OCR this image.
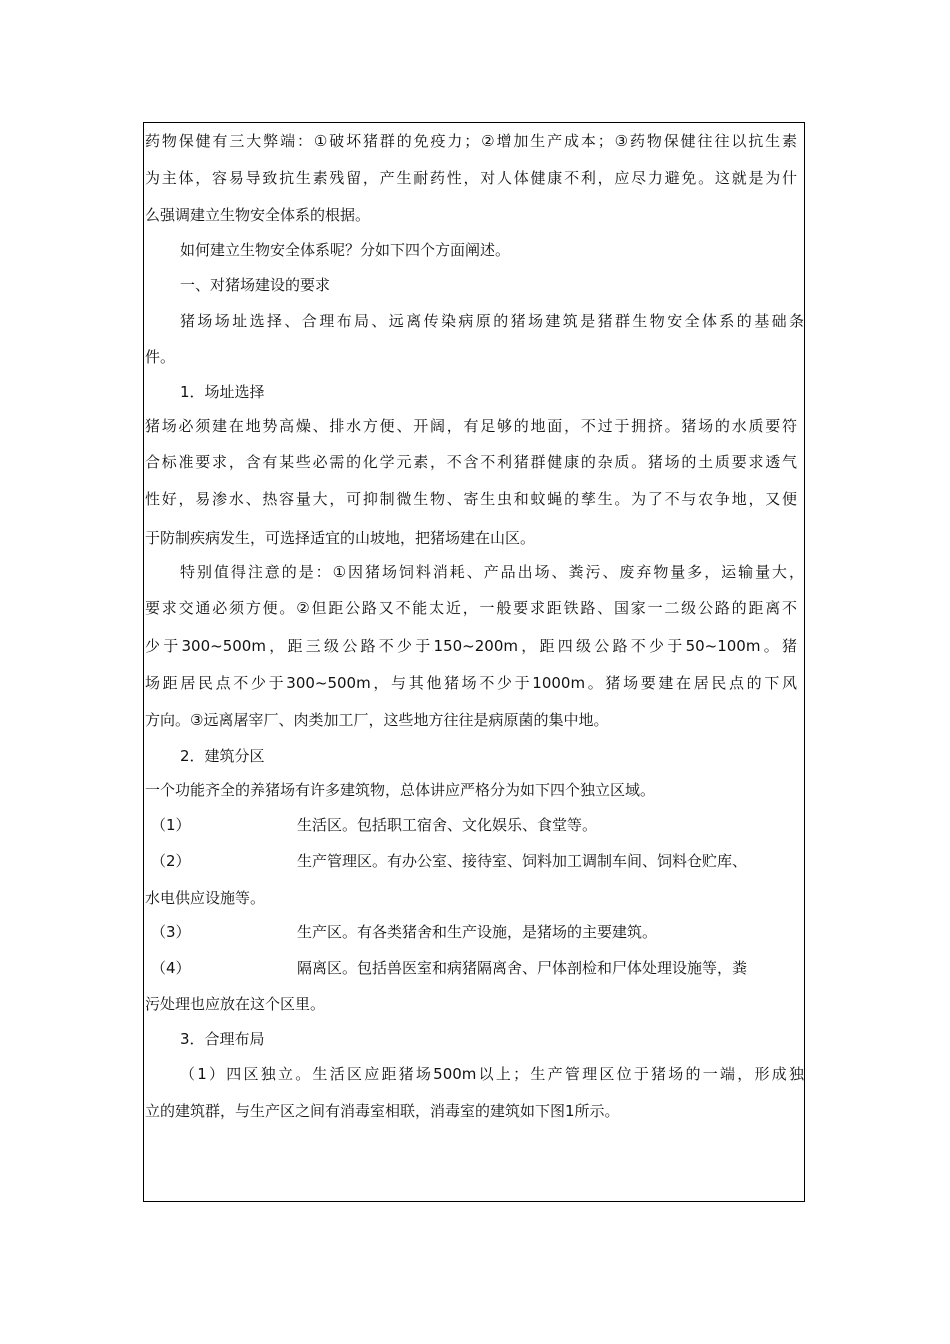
药物保健有三大弊端：①破坏猪群的免疫力；②增加生产成本；③药物保健往往以抗生素
为主体，容易导致抗生素残留，产生耐药性，对人体健康不利，应尽力避免。这就是为什
么强调建立生物安全体系的根据。
如何建立生物安全体系呢？分如下四个方面阐述。
一、对猪场建设的要求
猪场场址选择、合理布局、远离传染病原的猪场建筑是猪群生物安全体系的基础条
件。
1．场址选择
猪场必须建在地势高燥、排水方便、开阔，有足够的地面，不过于拥挤。猪场的水质要符
合标准要求，含有某些必需的化学元素，不含不利猪群健康的杂质。猪场的土质要求透气
性好，易渗水、热容量大，可抑制微生物、寄生虫和蚊蝇的孳生。为了不与农争地，又便
于防制疾病发生，可选择适宜的山坡地，把猪场建在山区。
特别值得注意的是：①因猪场饲料消耗、产品出场、粪污、废弃物量多，运输量大，
要求交通必须方便。②但距公路又不能太近，一般要求距铁路、国家一二级公路的距离不
少于300~500m，距三级公路不少于150~200m，距四级公路不少于50~100m。猪
场距居民点不少于300~500m，与其他猪场不少于1000m。猪场要建在居民点的下风
方向。③远离屠宰厂、肉类加工厂，这些地方往往是病原菌的集中地。
2．建筑分区
一个功能齐全的养猪场有许多建筑物，总体讲应严格分为如下四个独立区域。
（1）	生活区。包括职工宿舍、文化娱乐、食堂等。
（2）	生产管理区。有办公室、接待室、饲料加工调制车间、饲料仓贮库、
水电供应设施等。
（3）	生产区。有各类猪舍和生产设施，是猪场的主要建筑。
（4）	隔离区。包括兽医室和病猪隔离舍、尸体剖检和尸体处理设施等，粪
污处理也应放在这个区里。
3．合理布局
（1）四区独立。生活区应距猪场500m以上；生产管理区位于猪场的一端，形成独
立的建筑群，与生产区之间有消毒室相联，消毒室的建筑如下图1所示。
